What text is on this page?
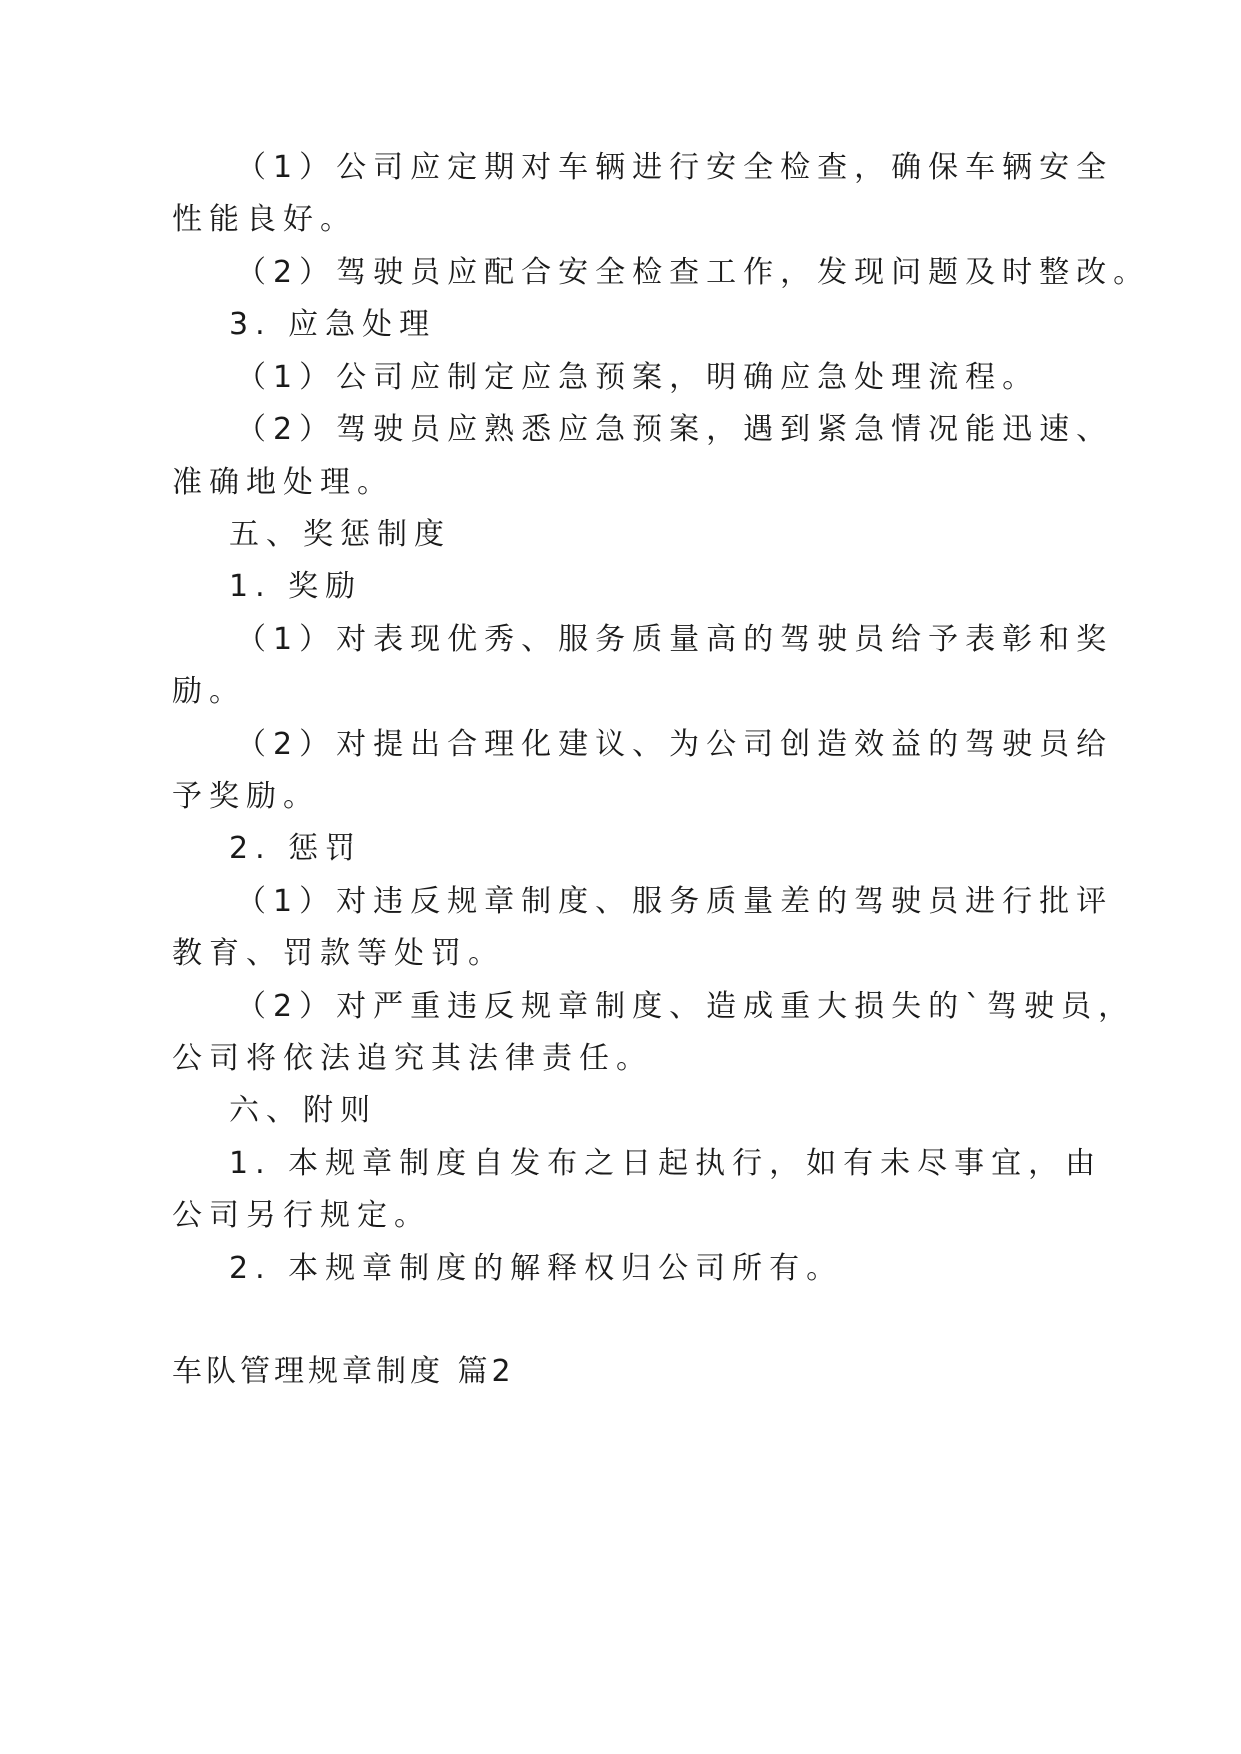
（1）公司应定期对车辆进行安全检查，确保车辆安全
性能良好。
（2）驾驶员应配合安全检查工作，发现问题及时整改。
3. 应急处理
（1）公司应制定应急预案，明确应急处理流程。
（2）驾驶员应熟悉应急预案，遇到紧急情况能迅速、
准确地处理。
五、奖惩制度
1. 奖励
（1）对表现优秀、服务质量高的驾驶员给予表彰和奖
励。
（2）对提出合理化建议、为公司创造效益的驾驶员给
予奖励。
2. 惩罚
（1）对违反规章制度、服务质量差的驾驶员进行批评
教育、罚款等处罚。
（2）对严重违反规章制度、造成重大损失的`驾驶员，
公司将依法追究其法律责任。
六、附则
1. 本规章制度自发布之日起执行，如有未尽事宜，由
公司另行规定。
2. 本规章制度的解释权归公司所有。
车队管理规章制度 篇2
